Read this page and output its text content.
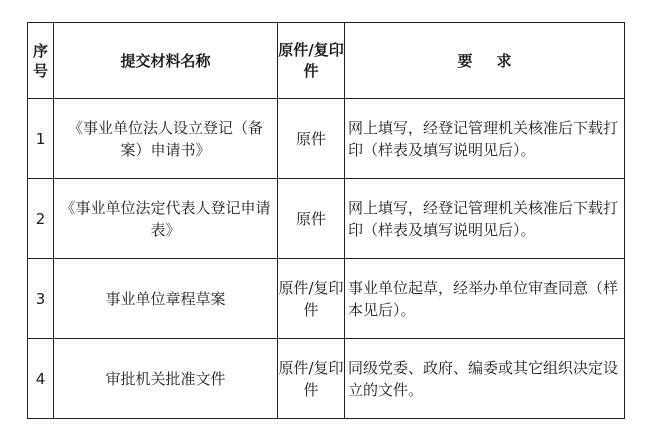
序号	提交材料名称	原件/复印件	要求
1	《事业单位法人设立登记（备案）申请书》	原件	网上填写，经登记管理机关核准后下载打印（样表及填写说明见后）。
2	《事业单位法定代表人登记申请表》	原件	网上填写，经登记管理机关核准后下载打印（样表及填写说明见后）。
3	事业单位章程草案	原件/复印件	事业单位起草，经举办单位审查同意（样本见后）。
4	审批机关批准文件	原件/复印件	同级党委、政府、编委或其它组织决定设立的文件。
